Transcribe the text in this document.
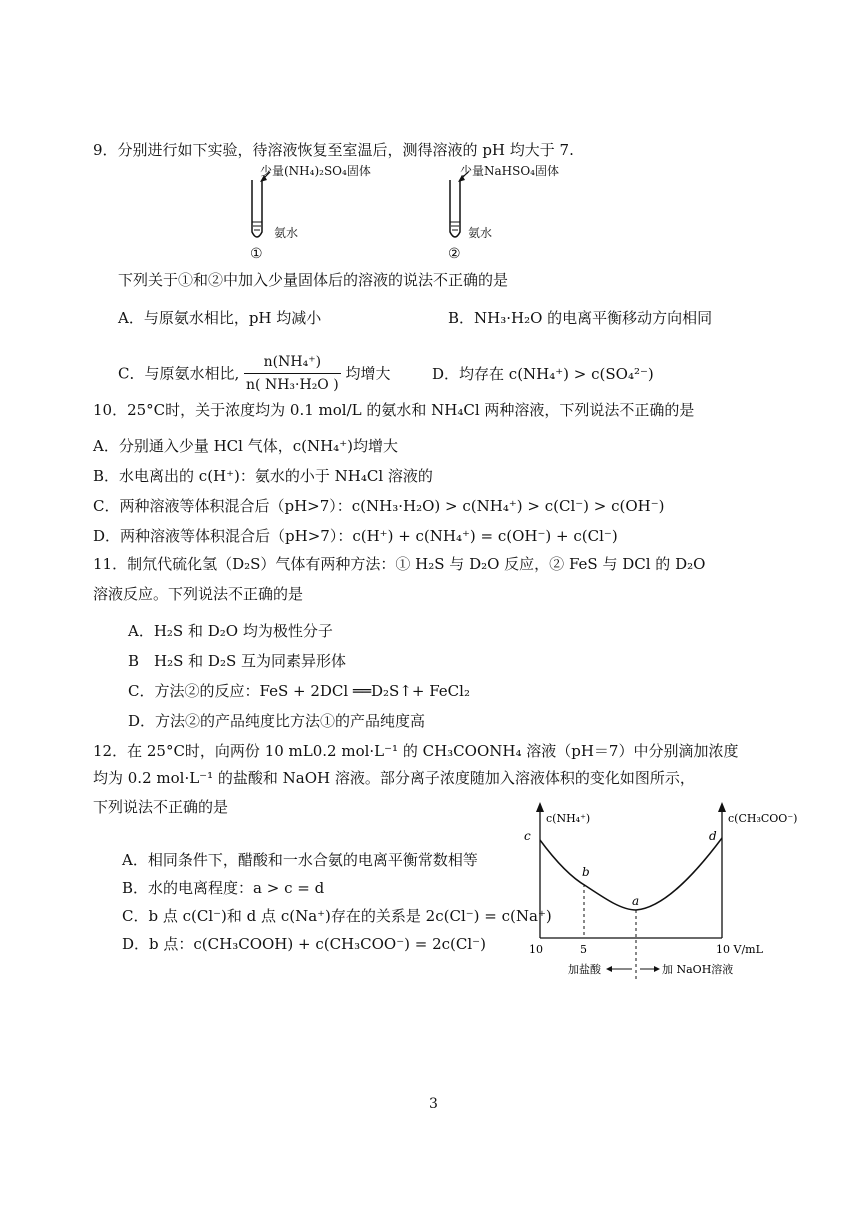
9．分别进行如下实验，待溶液恢复至室温后，测得溶液的 pH 均大于 7.
少量(NH₄)₂SO₄固体
氨水
①
少量NaHSO₄固体
氨水
②
下列关于①和②中加入少量固体后的溶液的说法不正确的是
A．与原氨水相比，pH 均减小	B．NH₃·H₂O 的电离平衡移动方向相同
C．与原氨水相比, $\frac{\text{n(NH₄⁺)}}{\text{n( NH₃·H₂O )}}$ 均增大	D．均存在 c(NH₄⁺) > c(SO₄²⁻)
10．25°C时，关于浓度均为 0.1 mol/L 的氨水和 NH₄Cl 两种溶液，下列说法不正确的是
A．分别通入少量 HCl 气体，c(NH₄⁺)均增大
B．水电离出的 c(H⁺)：氨水的小于 NH₄Cl 溶液的
C．两种溶液等体积混合后（pH>7）：c(NH₃·H₂O) > c(NH₄⁺) > c(Cl⁻) > c(OH⁻)
D．两种溶液等体积混合后（pH>7）：c(H⁺) + c(NH₄⁺) = c(OH⁻) + c(Cl⁻)
11．制氘代硫化氢（D₂S）气体有两种方法：① H₂S 与 D₂O 反应，② FeS 与 DCl 的 D₂O
溶液反应。下列说法不正确的是
A．H₂S 和 D₂O 均为极性分子
B　H₂S 和 D₂S 互为同素异形体
C．方法②的反应：FeS + 2DCl ══D₂S↑+ FeCl₂
D．方法②的产品纯度比方法①的产品纯度高
12．在 25°C时，向两份 10 mL0.2 mol·L⁻¹ 的 CH₃COONH₄ 溶液（pH＝7）中分别滴加浓度
均为 0.2 mol·L⁻¹ 的盐酸和 NaOH 溶液。部分离子浓度随加入溶液体积的变化如图所示，
下列说法不正确的是
A．相同条件下，醋酸和一水合氨的电离平衡常数相等
B．水的电离程度：a > c = d
C．b 点 c(Cl⁻)和 d 点 c(Na⁺)存在的关系是 2c(Cl⁻) = c(Na⁺)
D．b 点：c(CH₃COOH) + c(CH₃COO⁻) = 2c(Cl⁻)
c(NH₄⁺)	c(CH₃COO⁻)
c
b
a
d
10	5	10 V/mL
加盐酸	加 NaOH溶液
3
